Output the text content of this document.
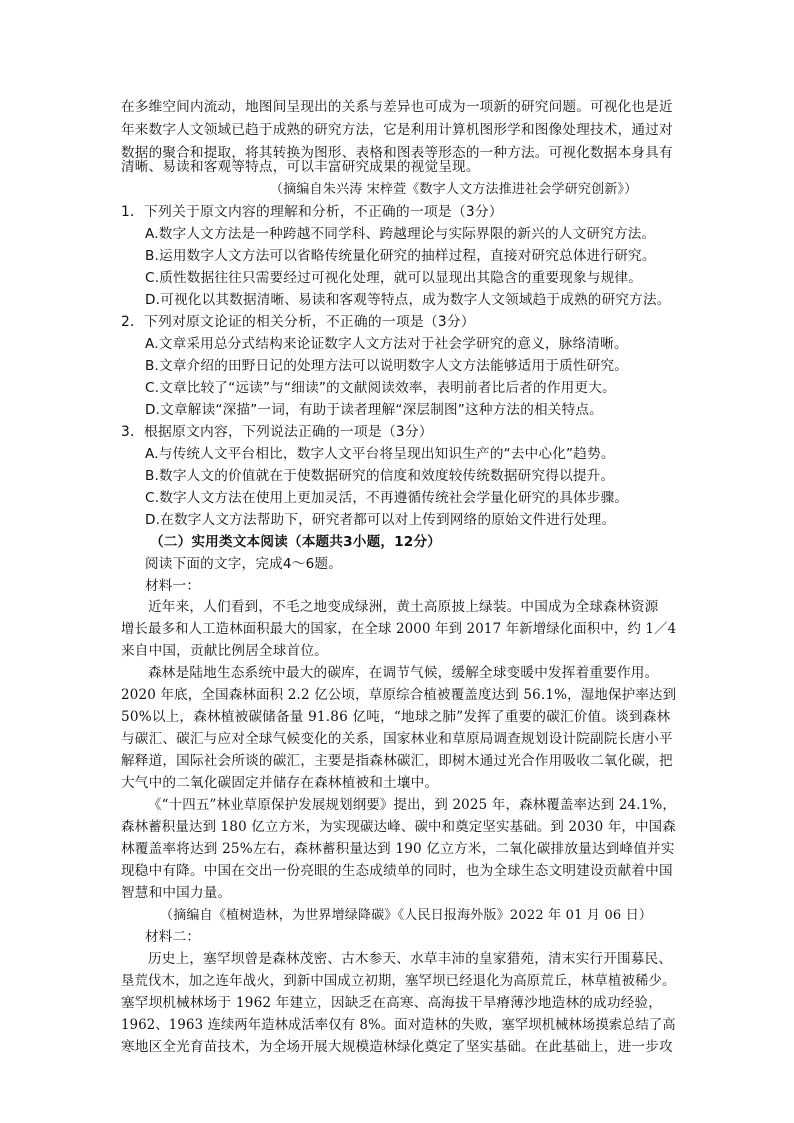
在多维空间内流动，地图间呈现出的关系与差异也可成为一项新的研究问题。可视化也是近
年来数字人文领域已趋于成熟的研究方法，它是利用计算机图形学和图像处理技术，通过对
数据的聚合和提取，将其转换为图形、表格和图表等形态的一种方法。可视化数据本身具有
清晰、易读和客观等特点，可以丰富研究成果的视觉呈现。
（摘编自朱兴涛 宋梓萱《数字人文方法推进社会学研究创新》）
1．下列关于原文内容的理解和分析，不正确的一项是（3分）
A.数字人文方法是一种跨越不同学科、跨越理论与实际界限的新兴的人文研究方法。
B.运用数字人文方法可以省略传统量化研究的抽样过程，直接对研究总体进行研究。
C.质性数据往往只需要经过可视化处理，就可以显现出其隐含的重要现象与规律。
D.可视化以其数据清晰、易读和客观等特点，成为数字人文领域趋于成熟的研究方法。
2．下列对原文论证的相关分析，不正确的一项是（3分）
A.文章采用总分式结构来论证数字人文方法对于社会学研究的意义，脉络清晰。
B.文章介绍的田野日记的处理方法可以说明数字人文方法能够适用于质性研究。
C.文章比较了“远读”与“细读”的文献阅读效率，表明前者比后者的作用更大。
D.文章解读“深描”一词，有助于读者理解“深层制图”这种方法的相关特点。
3．根据原文内容，下列说法正确的一项是（3分）
A.与传统人文平台相比，数字人文平台将呈现出知识生产的“去中心化”趋势。
B.数字人文的价值就在于使数据研究的信度和效度较传统数据研究得以提升。
C.数字人文方法在使用上更加灵活，不再遵循传统社会学量化研究的具体步骤。
D.在数字人文方法帮助下，研究者都可以对上传到网络的原始文件进行处理。
（二）实用类文本阅读（本题共3小题，12分）
阅读下面的文字，完成4～6题。
材料一：
近年来，人们看到，不毛之地变成绿洲，黄土高原披上绿装。中国成为全球森林资源
增长最多和人工造林面积最大的国家，在全球 2000 年到 2017 年新增绿化面积中，约 1／4
来自中国，贡献比例居全球首位。
森林是陆地生态系统中最大的碳库，在调节气候，缓解全球变暖中发挥着重要作用。
2020 年底，全国森林面积 2.2 亿公顷，草原综合植被覆盖度达到 56.1%，湿地保护率达到
50%以上，森林植被碳储备量 91.86 亿吨，“地球之肺”发挥了重要的碳汇价值。谈到森林
与碳汇、碳汇与应对全球气候变化的关系，国家林业和草原局调查规划设计院副院长唐小平
解释道，国际社会所谈的碳汇，主要是指森林碳汇，即树木通过光合作用吸收二氧化碳，把
大气中的二氧化碳固定并储存在森林植被和土壤中。
《“十四五”林业草原保护发展规划纲要》提出，到 2025 年，森林覆盖率达到 24.1%，
森林蓄积量达到 180 亿立方米，为实现碳达峰、碳中和奠定坚实基础。到 2030 年，中国森
林覆盖率将达到 25%左右，森林蓄积量达到 190 亿立方米，二氧化碳排放量达到峰值并实
现稳中有降。中国在交出一份亮眼的生态成绩单的同时，也为全球生态文明建设贡献着中国
智慧和中国力量。
（摘编自《植树造林，为世界增绿降碳》《人民日报海外版》2022 年 01 月 06 日）
材料二：
历史上，塞罕坝曾是森林茂密、古木参天、水草丰沛的皇家猎苑，清末实行开围募民、
垦荒伐木，加之连年战火，到新中国成立初期，塞罕坝已经退化为高原荒丘，林草植被稀少。
塞罕坝机械林场于 1962 年建立，因缺乏在高寒、高海拔干旱瘠薄沙地造林的成功经验，
1962、1963 连续两年造林成活率仅有 8%。面对造林的失败，塞罕坝机械林场摸索总结了高
寒地区全光育苗技术，为全场开展大规模造林绿化奠定了坚实基础。在此基础上，进一步攻
